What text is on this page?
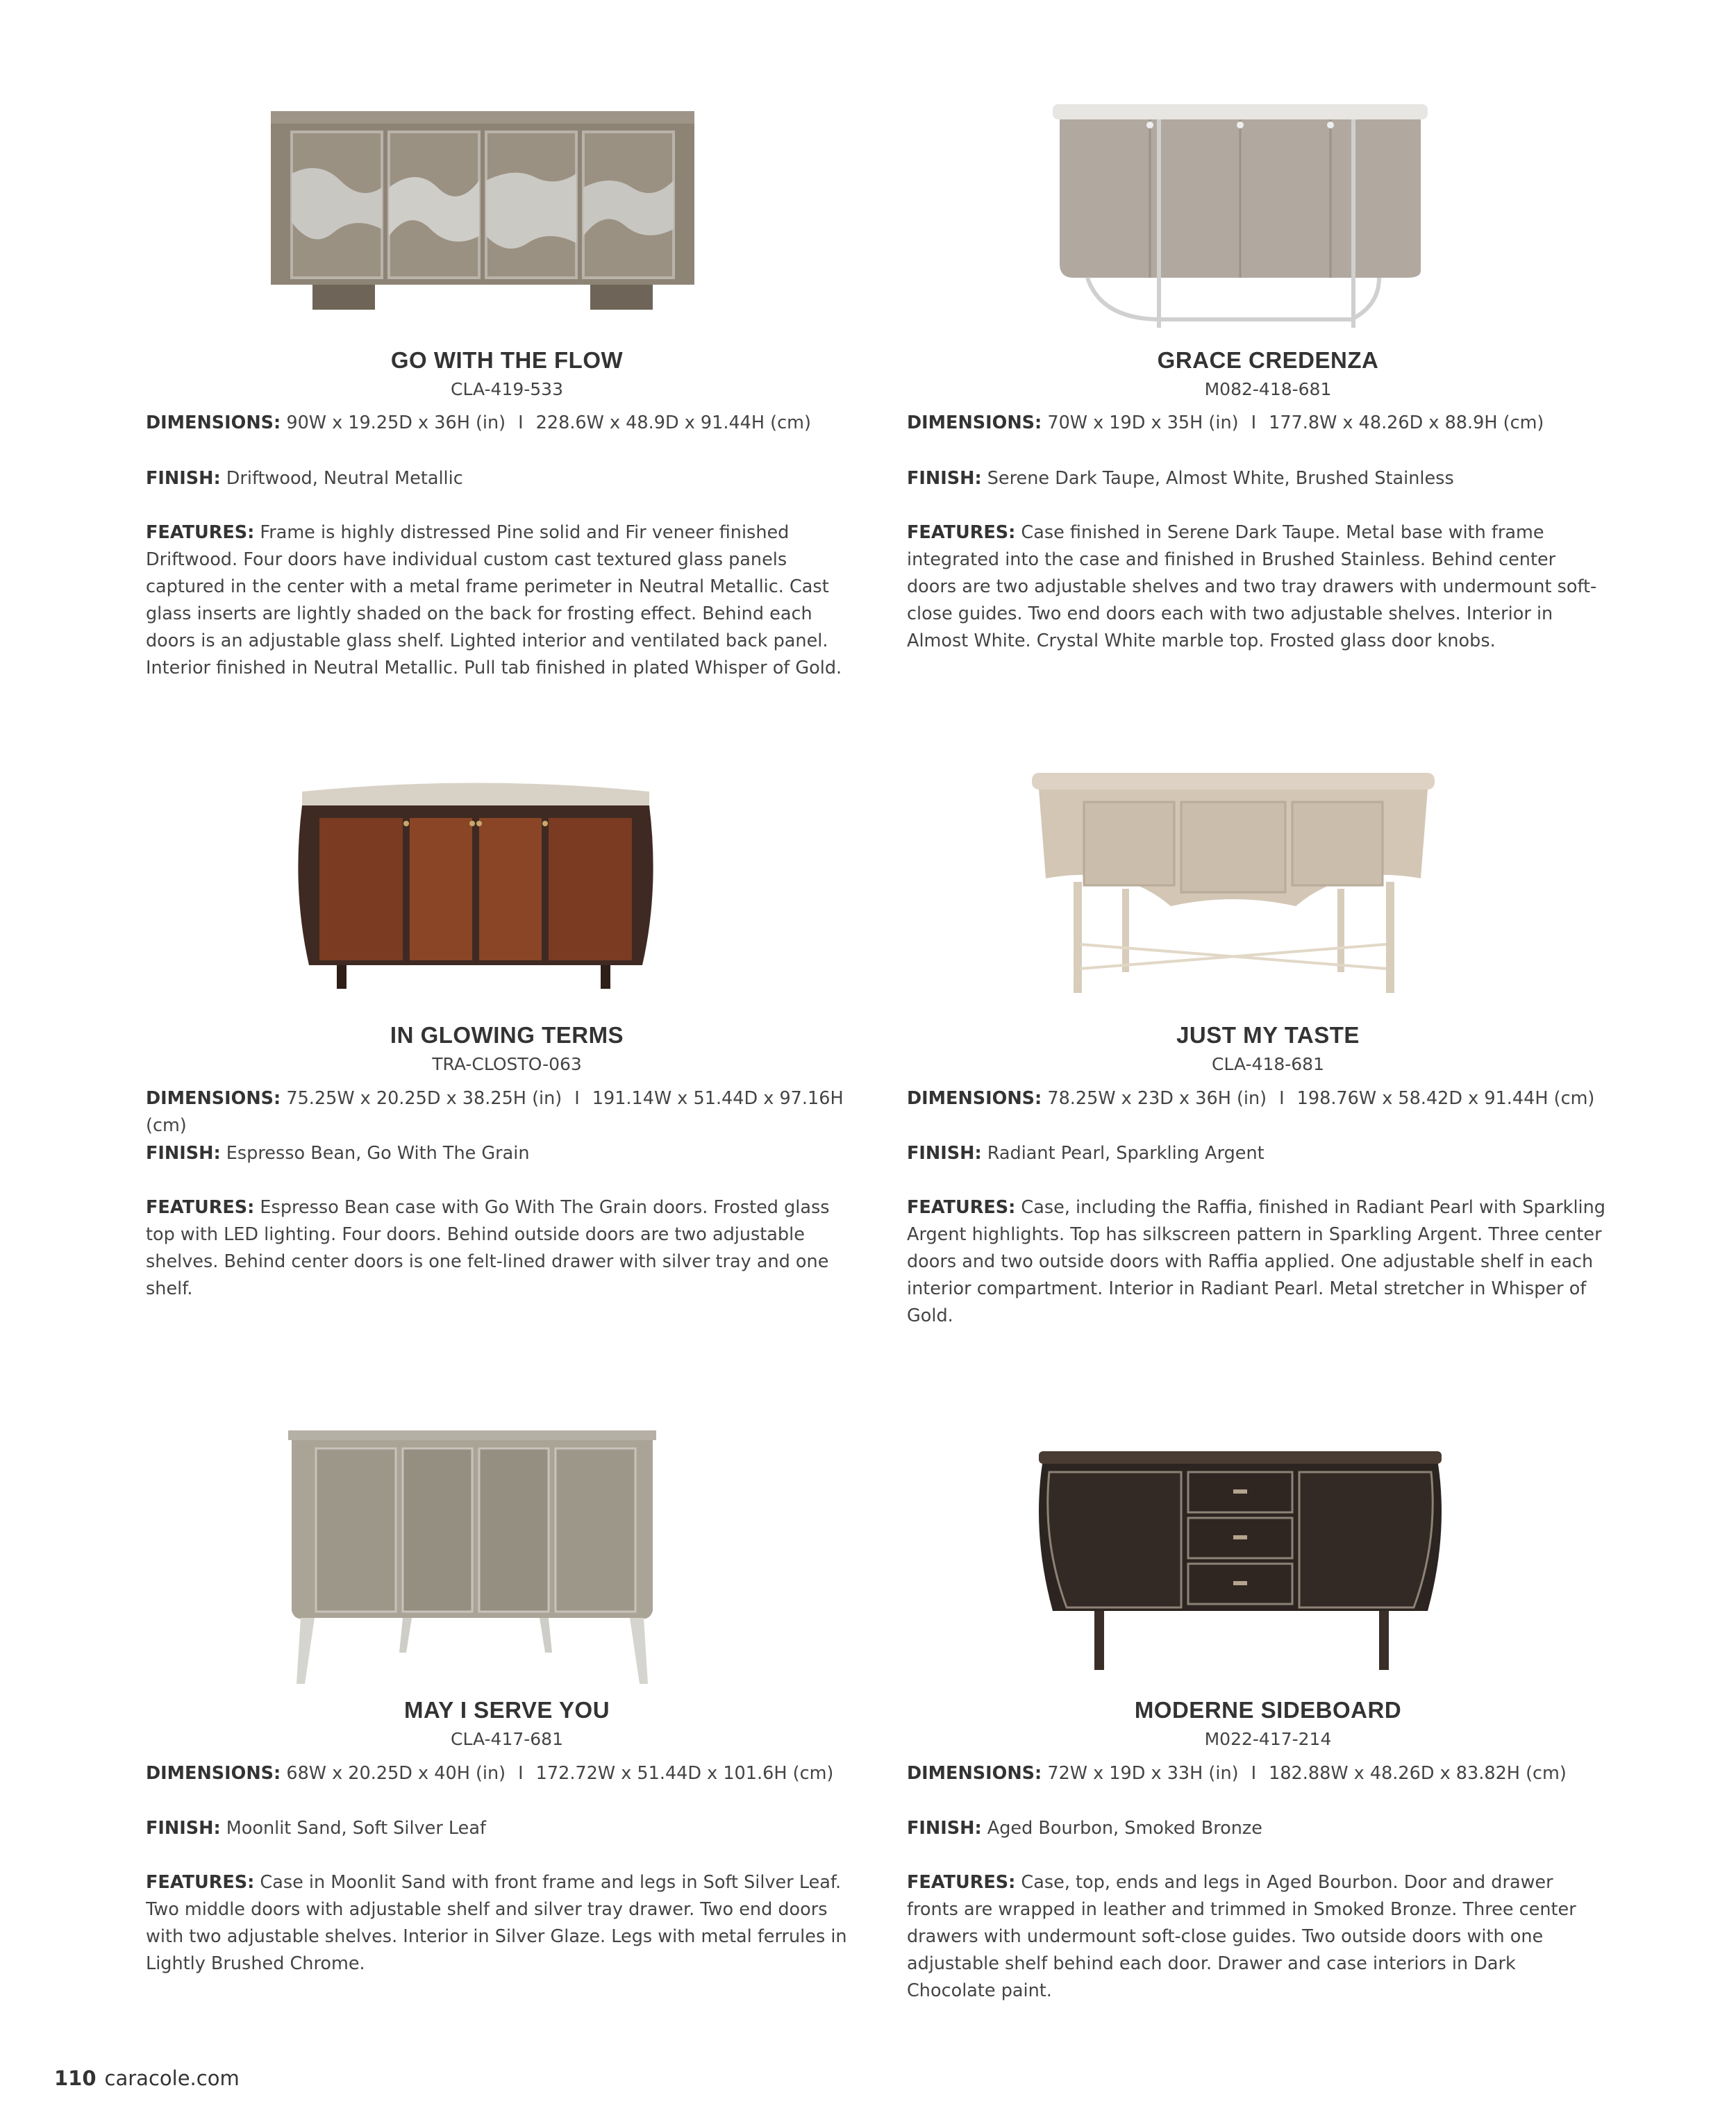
GO WITH THE FLOW
CLA-419-533
DIMENSIONS: 90W x 19.25D x 36H (in) I 228.6W x 48.9D x 91.44H (cm)
FINISH: Driftwood, Neutral Metallic
FEATURES: Frame is highly distressed Pine solid and Fir veneer finished Driftwood. Four doors have individual custom cast textured glass panels captured in the center with a metal frame perimeter in Neutral Metallic. Cast glass inserts are lightly shaded on the back for frosting effect. Behind each doors is an adjustable glass shelf. Lighted interior and ventilated back panel. Interior finished in Neutral Metallic. Pull tab finished in plated Whisper of Gold.
GRACE CREDENZA
M082-418-681
DIMENSIONS: 70W x 19D x 35H (in) I 177.8W x 48.26D x 88.9H (cm)
FINISH: Serene Dark Taupe, Almost White, Brushed Stainless
FEATURES: Case finished in Serene Dark Taupe. Metal base with frame integrated into the case and finished in Brushed Stainless. Behind center doors are two adjustable shelves and two tray drawers with undermount soft-close guides. Two end doors each with two adjustable shelves. Interior in Almost White. Crystal White marble top. Frosted glass door knobs.
IN GLOWING TERMS
TRA-CLOSTO-063
DIMENSIONS: 75.25W x 20.25D x 38.25H (in) I 191.14W x 51.44D x 97.16H (cm)
FINISH: Espresso Bean, Go With The Grain
FEATURES: Espresso Bean case with Go With The Grain doors. Frosted glass top with LED lighting. Four doors. Behind outside doors are two adjustable shelves. Behind center doors is one felt-lined drawer with silver tray and one shelf.
JUST MY TASTE
CLA-418-681
DIMENSIONS: 78.25W x 23D x 36H (in) I 198.76W x 58.42D x 91.44H (cm)
FINISH: Radiant Pearl, Sparkling Argent
FEATURES: Case, including the Raffia, finished in Radiant Pearl with Sparkling Argent highlights. Top has silkscreen pattern in Sparkling Argent. Three center doors and two outside doors with Raffia applied. One adjustable shelf in each interior compartment. Interior in Radiant Pearl. Metal stretcher in Whisper of Gold.
MAY I SERVE YOU
CLA-417-681
DIMENSIONS: 68W x 20.25D x 40H (in) I 172.72W x 51.44D x 101.6H (cm)
FINISH: Moonlit Sand, Soft Silver Leaf
FEATURES: Case in Moonlit Sand with front frame and legs in Soft Silver Leaf. Two middle doors with adjustable shelf and silver tray drawer. Two end doors with two adjustable shelves. Interior in Silver Glaze. Legs with metal ferrules in Lightly Brushed Chrome.
MODERNE SIDEBOARD
M022-417-214
DIMENSIONS: 72W x 19D x 33H (in) I 182.88W x 48.26D x 83.82H (cm)
FINISH: Aged Bourbon, Smoked Bronze
FEATURES: Case, top, ends and legs in Aged Bourbon. Door and drawer fronts are wrapped in leather and trimmed in Smoked Bronze. Three center drawers with undermount soft-close guides. Two outside doors with one adjustable shelf behind each door. Drawer and case interiors in Dark Chocolate paint.
110 caracole.com
